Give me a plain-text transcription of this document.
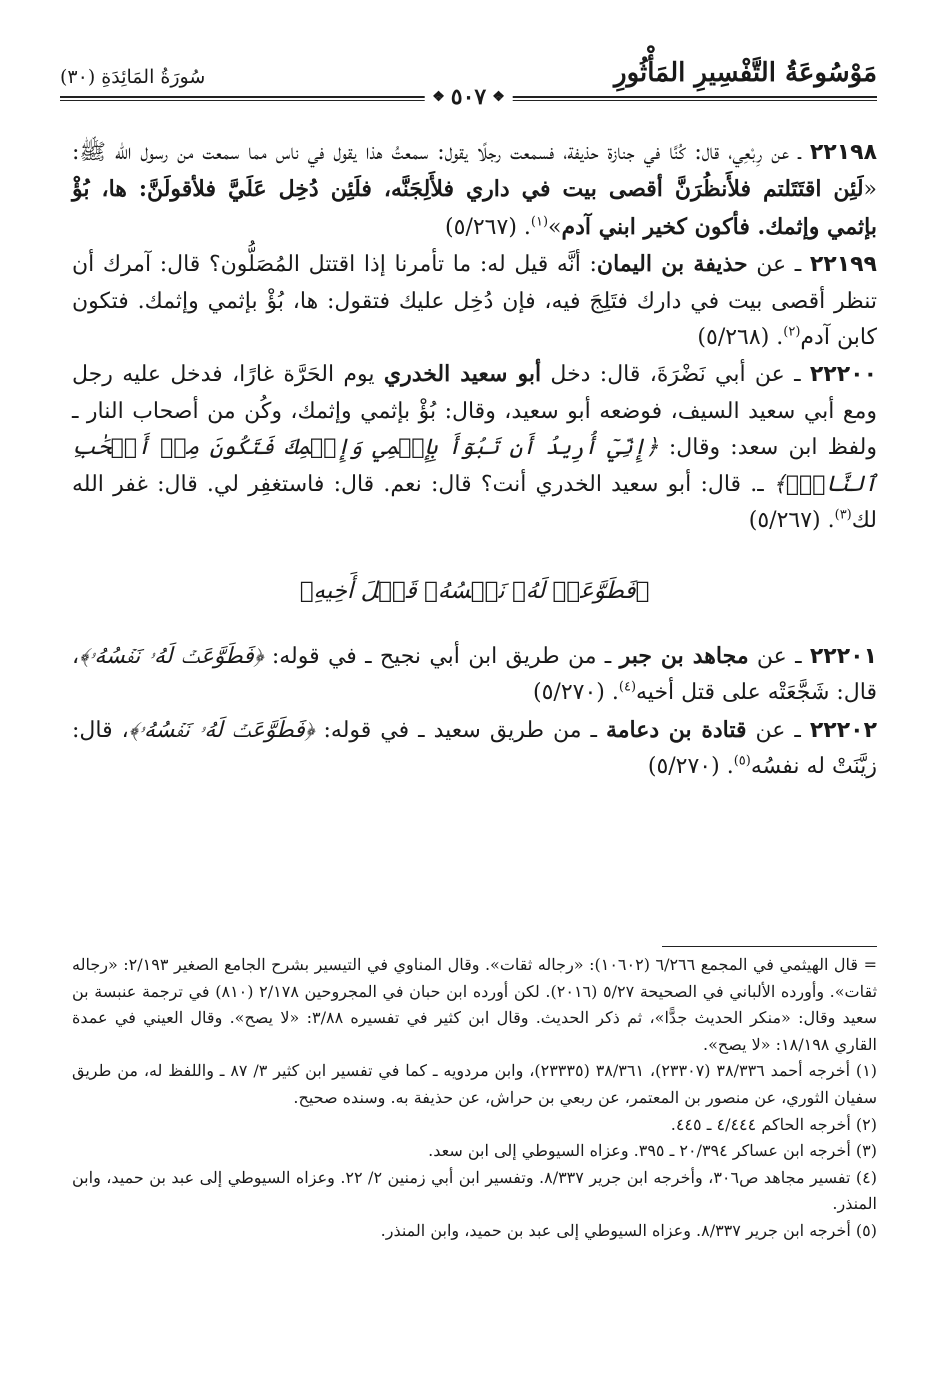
مَوْسُوعَةُ التَّفْسِيرِ المَأْثُورِ
سُورَةُ المَائِدَةِ (٣٠)
❖
٥٠٧
❖

٢٢١٩٨ ـ عن رِبْعِي، قال: كُنَّا في جنازة حذيفة، فسمعت رجلًا يقول: سمعتُ هذا يقول في ناس مما سمعت من رسول الله ﷺ: «لَئِن اقتَتَلتم فلأَنظُرَنَّ أقصى بيت في داري فلأَلِجَنَّه، فلَئِن دُخِل عَلَيَّ فلأقولَنَّ: ها، بُؤْ بإثمي وإثمك. فأكون كخير ابني آدم»$^{(١)}$. (٥/٢٦٧)

٢٢١٩٩ ـ عن حذيفة بن اليمان: أنَّه قيل له: ما تأمرنا إذا اقتتل المُصَلُّون؟ قال: آمرك أن تنظر أقصى بيت في دارك فتَلِجَ فيه، فإن دُخِل عليك فتقول: ها، بُؤْ بإثمي وإثمك. فتكون كابن آدم$^{(٢)}$. (٥/٢٦٨)

٢٢٢٠٠ ـ عن أبي نَضْرَةَ، قال: دخل أبو سعيد الخدري يوم الحَرَّة غارًا، فدخل عليه رجل ومع أبي سعيد السيف، فوضعه أبو سعيد، وقال: بُؤْ بإثمي وإثمك، وكُن من أصحاب النار ـ ولفظ ابن سعد: وقال: ﴿إِنِّيٓ أُرِيدُ أَن تَبُوٓأَ بِإِثۡمِي وَإِثۡمِكَ فَتَكُونَ مِنۡ أَصۡحَٰبِ ٱلنَّارِۚ﴾ ـ. قال: أبو سعيد الخدري أنت؟ قال: نعم. قال: فاستغفِر لي. قال: غفر الله لك$^{(٣)}$. (٥/٢٦٧)

﴿فَطَوَّعَتۡ لَهُۥ نَفۡسُهُۥ قَتۡلَ أَخِيهِ﴾

٢٢٢٠١ ـ عن مجاهد بن جبر ـ من طريق ابن أبي نجيح ـ في قوله: ﴿فَطَوَّعَتۡ لَهُۥ نَفۡسُهُۥ﴾، قال: شَجَّعَتْه على قتل أخيه$^{(٤)}$. (٥/٢٧٠)

٢٢٢٠٢ ـ عن قتادة بن دعامة ـ من طريق سعيد ـ في قوله: ﴿فَطَوَّعَتۡ لَهُۥ نَفۡسُهُۥ﴾، قال: زيَّنَتْ له نفسُه$^{(٥)}$. (٥/٢٧٠)

= قال الهيثمي في المجمع ٦/٢٦٦ (١٠٦٠٢): «رجاله ثقات». وقال المناوي في التيسير بشرح الجامع الصغير ٢/١٩٣: «رجاله ثقات». وأورده الألباني في الصحيحة ٥/٢٧ (٢٠١٦). لكن أورده ابن حبان في المجروحين ٢/١٧٨ (٨١٠) في ترجمة عنبسة بن سعيد وقال: «منكر الحديث جدًّا»، ثم ذكر الحديث. وقال ابن كثير في تفسيره ٣/٨٨: «لا يصح». وقال العيني في عمدة القاري ١٨/١٩٨: «لا يصح».

(١) أخرجه أحمد ٣٨/٣٣٦ (٢٣٣٠٧)، ٣٨/٣٦١ (٢٣٣٣٥)، وابن مردويه ـ كما في تفسير ابن كثير ٣/ ٨٧ ـ واللفظ له، من طريق سفيان الثوري، عن منصور بن المعتمر، عن ربعي بن حراش، عن حذيفة به. وسنده صحيح.

(٢) أخرجه الحاكم ٤/٤٤٤ ـ ٤٤٥.

(٣) أخرجه ابن عساكر ٢٠/٣٩٤ ـ ٣٩٥. وعزاه السيوطي إلى ابن سعد.

(٤) تفسير مجاهد ص٣٠٦، وأخرجه ابن جرير ٨/٣٣٧. وتفسير ابن أبي زمنين ٢/ ٢٢. وعزاه السيوطي إلى عبد بن حميد، وابن المنذر.

(٥) أخرجه ابن جرير ٨/٣٣٧. وعزاه السيوطي إلى عبد بن حميد، وابن المنذر.
